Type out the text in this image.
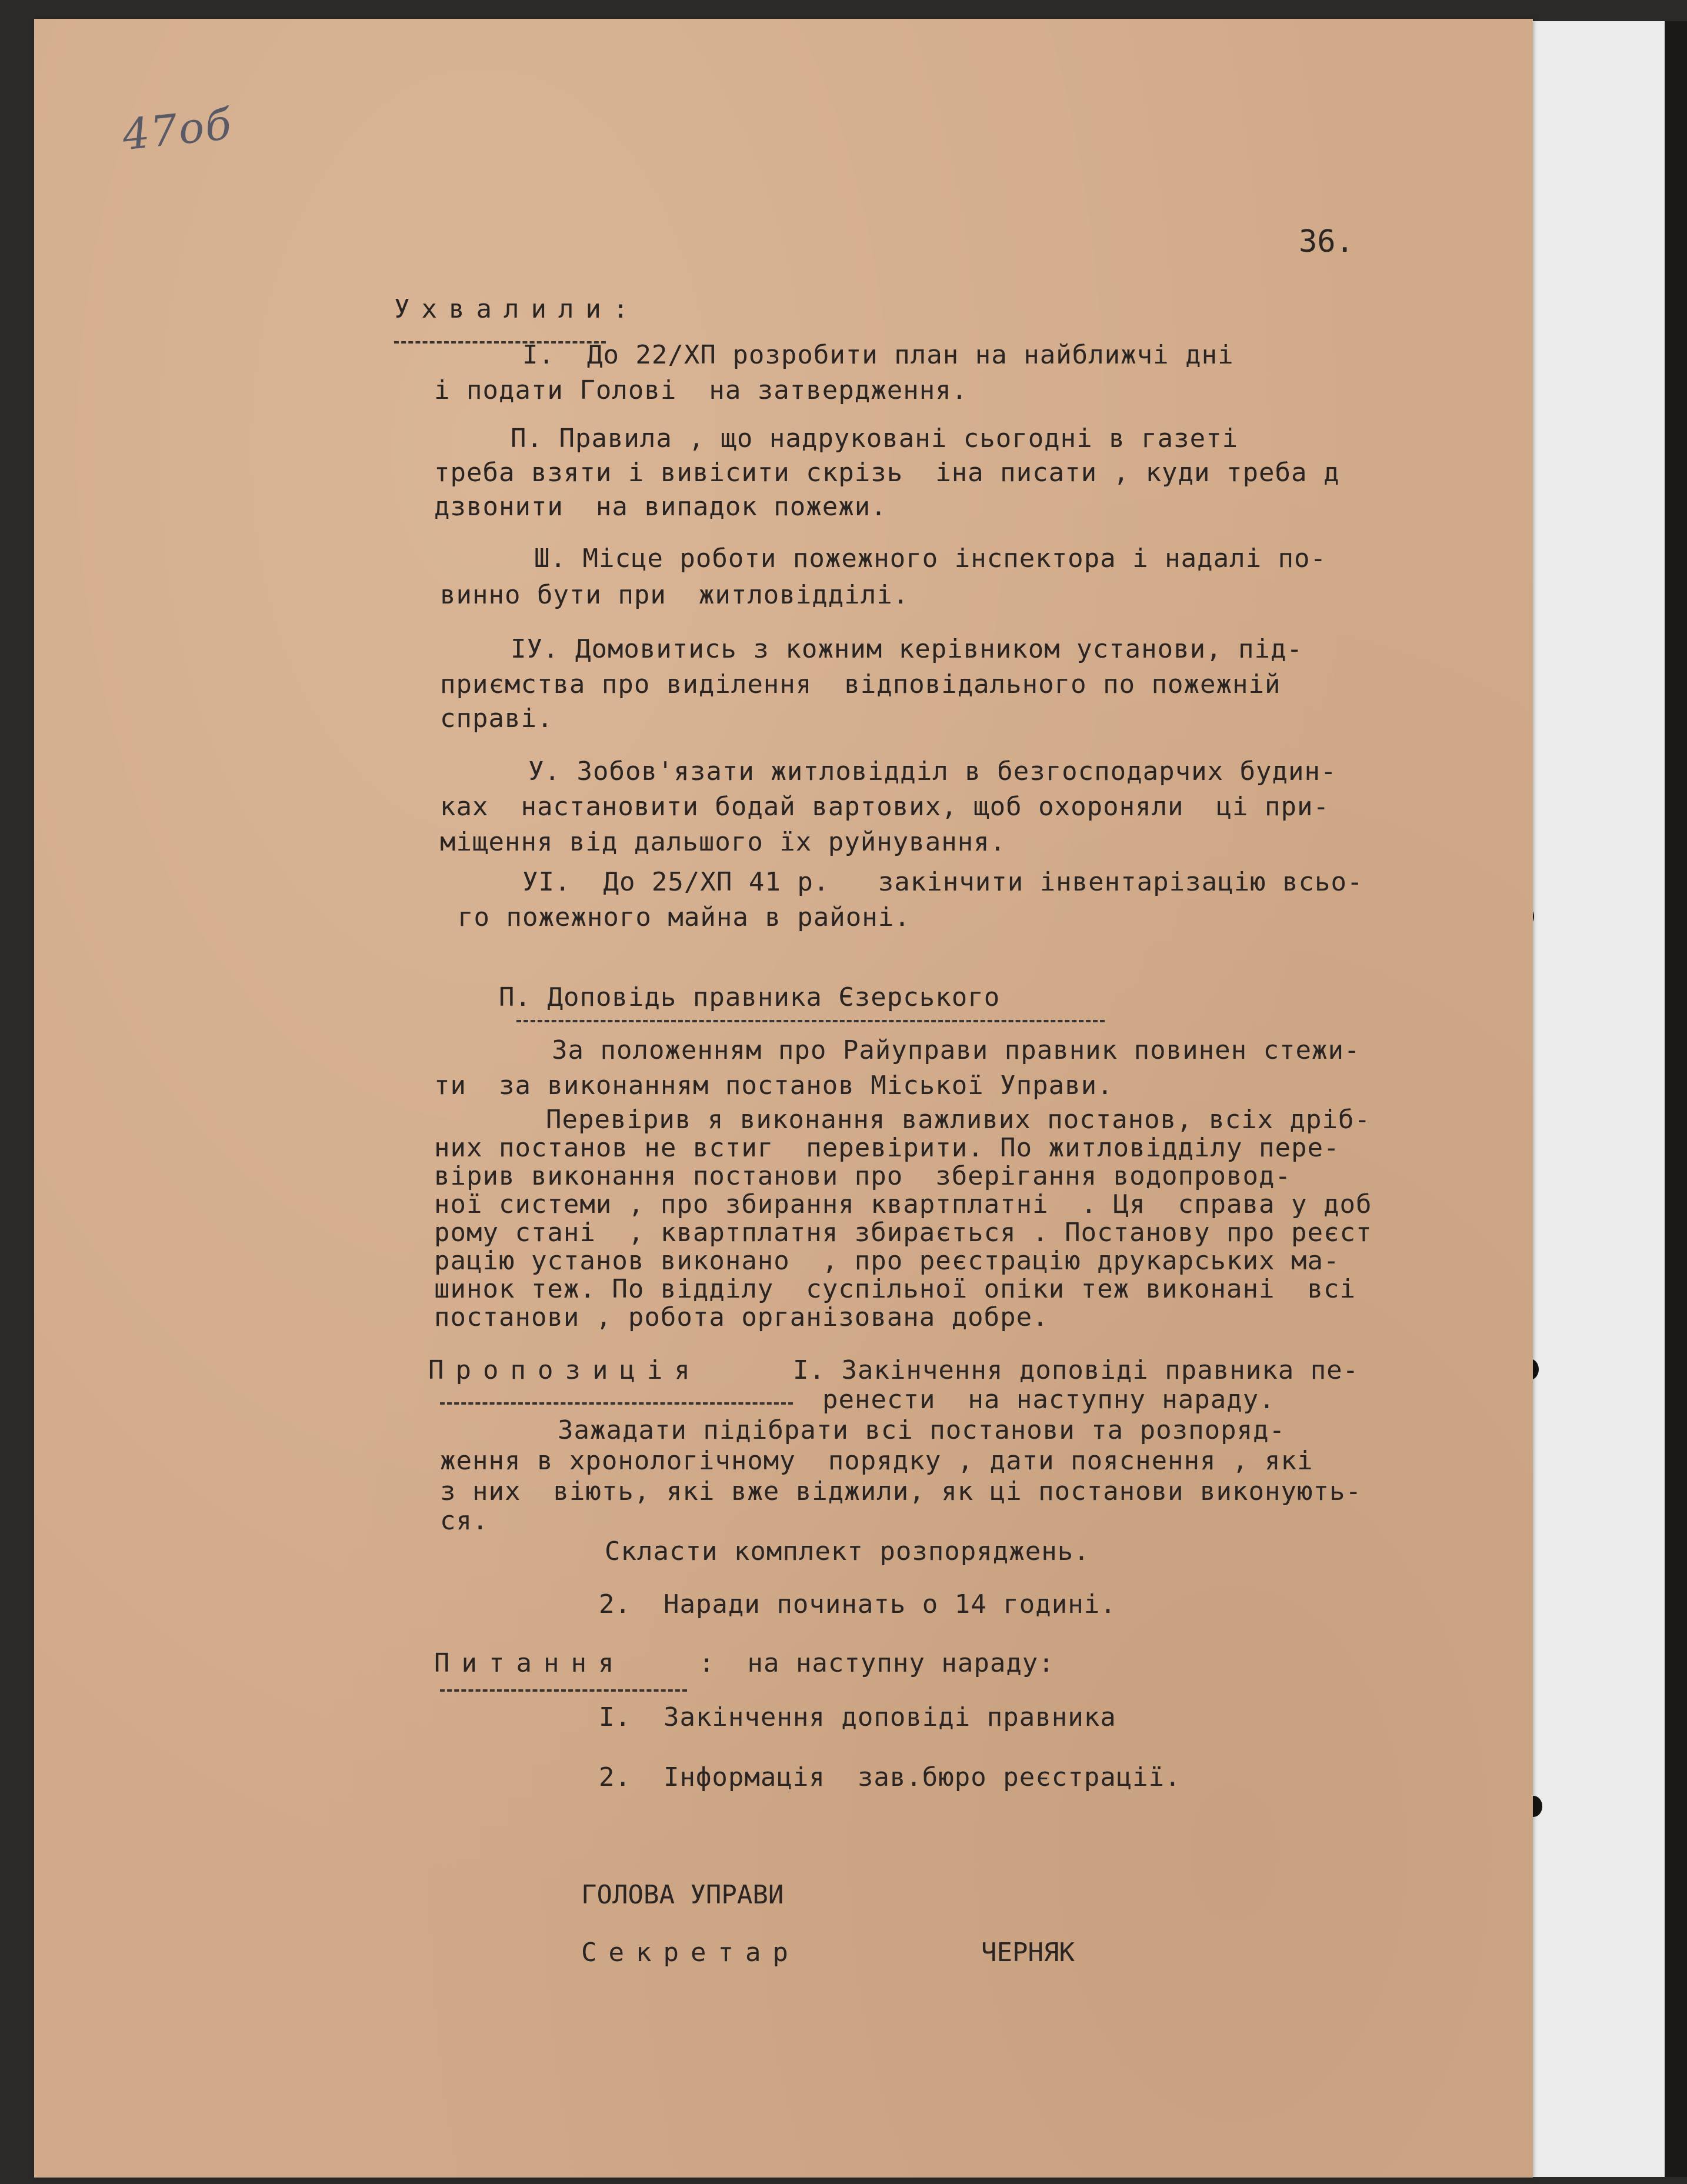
47об
36.
Ухвалили:
І.  До 22/ХП розробити план на найближчі дні
і подати Голові  на затвердження.
П. Правила , що надруковані сьогодні в газеті
треба взяти і вивісити скрізь  іна писати , куди треба д
дзвонити  на випадок пожежи.
Ш. Місце роботи пожежного інспектора і надалі по-
винно бути при  житловідділі.
ІУ. Домовитись з кожним керівником установи, під-
приємства про виділення  відповідального по пожежній
справі.
У. Зобов'язати житловідділ в безгосподарчих будин-
ках  настановити бодай вартових, щоб охороняли  ці при-
міщення від дальшого їх руйнування.
УІ.  До 25/ХП 41 р.   закінчити інвентарізацію всьо-
го пожежного майна в районі.
П. Доповідь правника Єзерського
За положенням про Райуправи правник повинен стежи-
ти  за виконанням постанов Міської Управи.
Перевірив я виконання важливих постанов, всіх дріб-
них постанов не встиг  перевірити. По житловідділу пере-
вірив виконання постанови про  зберігання водопровод-
ної системи , про збирання квартплатні  . Ця  справа у доб
рому стані  , квартплатня збирається . Постанову про реєст
рацію установ виконано  , про реєстрацію друкарських ма-
шинок теж. По відділу  суспільної опіки теж виконані  всі
постанови , робота організована добре.
Пропозиція	І. Закінчення доповіді правника пе-
ренести  на наступну нараду.
Зажадати підібрати всі постанови та розпоряд-
ження в хронологічному  порядку , дати пояснення , які
з них  віють, які вже віджили, як ці постанови виконують-
ся.
Скласти комплект розпоряджень.
2.  Наради починать о 14 годині.
Питання	:  на наступну нараду:
І.  Закінчення доповіді правника
2.  Інформація  зав.бюро реєстрації.
ГОЛОВА УПРАВИ
Секретар	ЧЕРНЯК
